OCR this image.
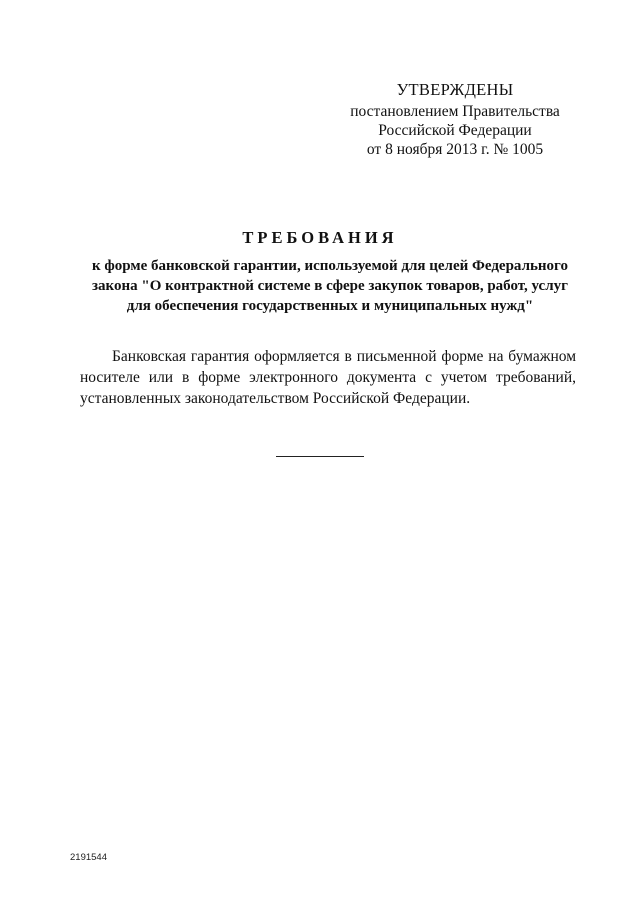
УТВЕРЖДЕНЫ
постановлением Правительства
Российской Федерации
от 8 ноября 2013 г. № 1005
ТРЕБОВАНИЯ
к форме банковской гарантии, используемой для целей Федерального
закона "О контрактной системе в сфере закупок товаров, работ, услуг
для обеспечения государственных и муниципальных нужд"
Банковская гарантия оформляется в письменной форме на бумажном
носителе или в форме электронного документа с учетом требований,
установленных законодательством Российской Федерации.
2191544
